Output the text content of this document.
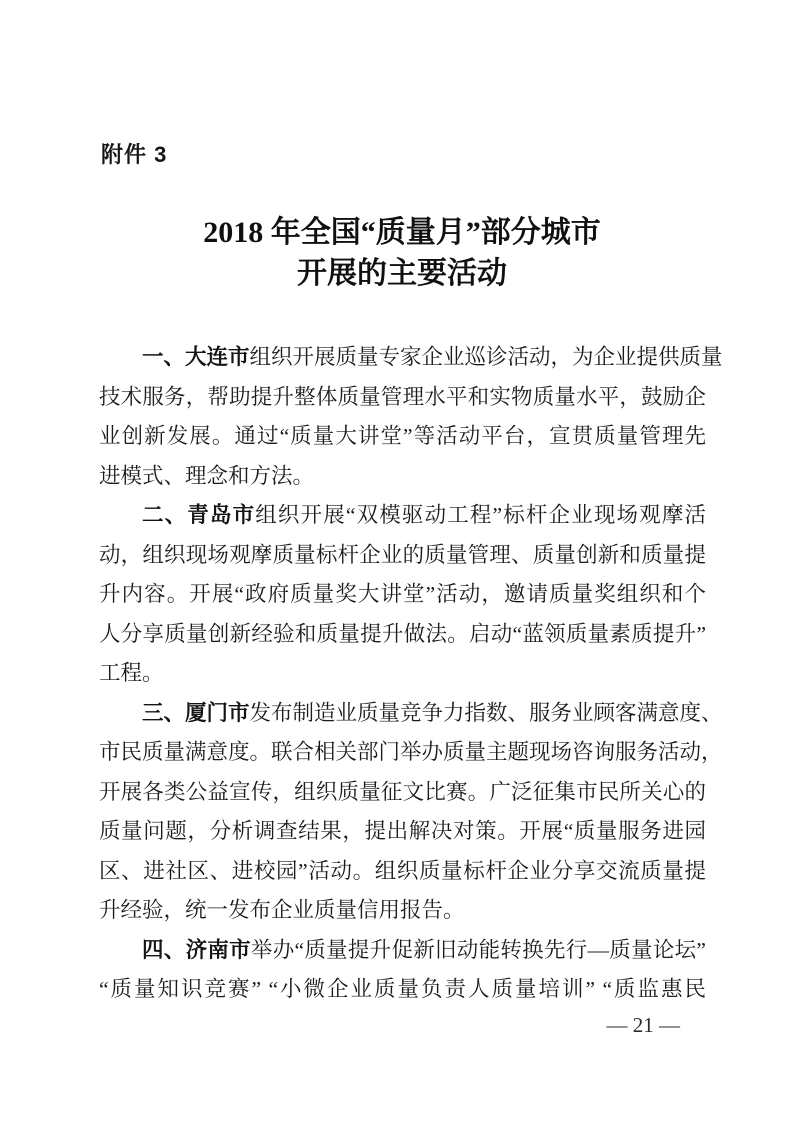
附件 3
2018 年全国“质量月”部分城市
开展的主要活动
一、大连市组织开展质量专家企业巡诊活动，为企业提供质量
技术服务，帮助提升整体质量管理水平和实物质量水平，鼓励企
业创新发展。通过“质量大讲堂”等活动平台，宣贯质量管理先
进模式、理念和方法。
二、青岛市组织开展“双模驱动工程”标杆企业现场观摩活
动，组织现场观摩质量标杆企业的质量管理、质量创新和质量提
升内容。开展“政府质量奖大讲堂”活动，邀请质量奖组织和个
人分享质量创新经验和质量提升做法。启动“蓝领质量素质提升”
工程。
三、厦门市发布制造业质量竞争力指数、服务业顾客满意度、
市民质量满意度。联合相关部门举办质量主题现场咨询服务活动，
开展各类公益宣传，组织质量征文比赛。广泛征集市民所关心的
质量问题，分析调查结果，提出解决对策。开展“质量服务进园
区、进社区、进校园”活动。组织质量标杆企业分享交流质量提
升经验，统一发布企业质量信用报告。
四、济南市举办“质量提升促新旧动能转换先行—质量论坛”
“质量知识竞赛” “小微企业质量负责人质量培训” “质监惠民
— 21 —
